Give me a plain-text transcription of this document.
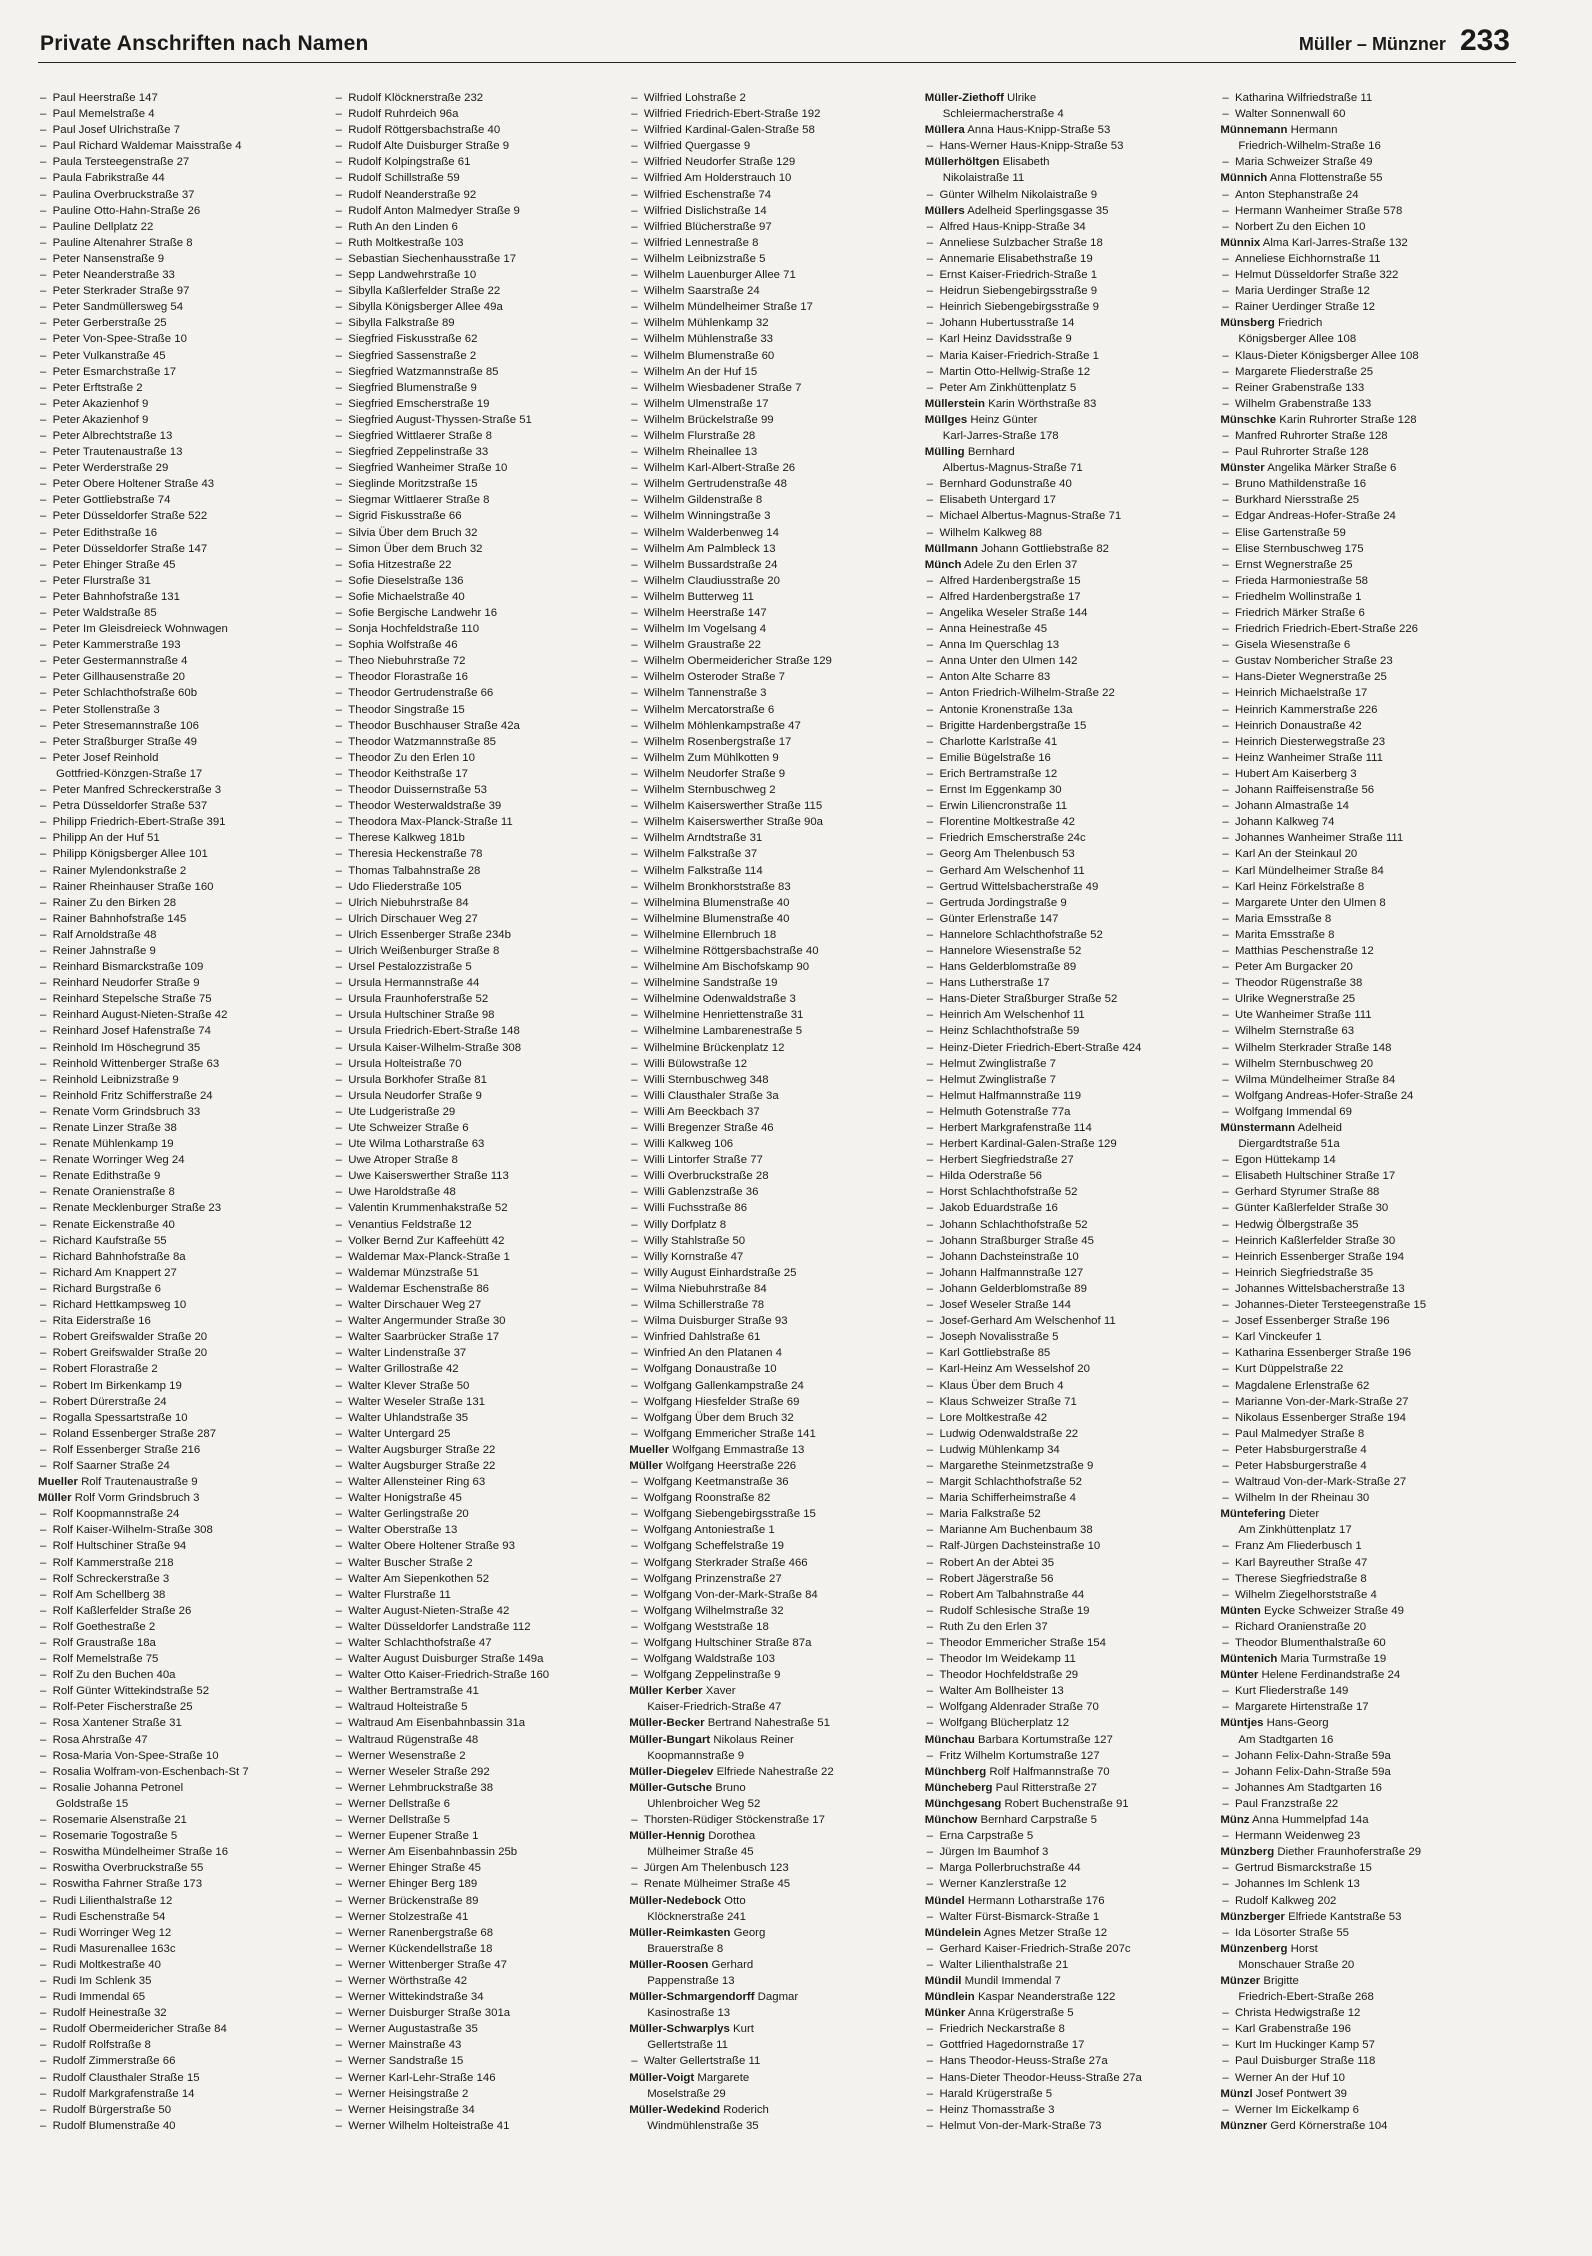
Private Anschriften nach Namen	Müller – Münzner 233
–  Paul Heerstraße 147
–  Paul Memelstraße 4
–  Paul Josef Ulrichstraße 7
–  Paul Richard Waldemar Maisstraße 4
–  Paula Tersteegenstraße 27
–  Paula Fabrikstraße 44
–  Paulina Overbruckstraße 37
–  Pauline Otto-Hahn-Straße 26
–  Pauline Dellplatz 22
–  Pauline Altenahrer Straße 8
–  Peter Nansenstraße 9
–  Peter Neanderstraße 33
–  Peter Sterkrader Straße 97
–  Peter Sandmüllersweg 54
–  Peter Gerberstraße 25
–  Peter Von-Spee-Straße 10
–  Peter Vulkanstraße 45
–  Peter Esmarchstraße 17
–  Peter Erftstraße 2
–  Peter Akazienhof 9
–  Peter Akazienhof 9
–  Peter Albrechtstraße 13
–  Peter Trautenaustraße 13
–  Peter Werderstraße 29
–  Peter Obere Holtener Straße 43
–  Peter Gottliebstraße 74
–  Peter Düsseldorfer Straße 522
–  Peter Edithstraße 16
–  Peter Düsseldorfer Straße 147
–  Peter Ehinger Straße 45
–  Peter Flurstraße 31
–  Peter Bahnhofstraße 131
–  Peter Waldstraße 85
–  Peter Im Gleisdreieck Wohnwagen
–  Peter Kammerstraße 193
–  Peter Gestermannstraße 4
–  Peter Gillhausenstraße 20
–  Peter Schlachthofstraße 60b
–  Peter Stollenstraße 3
–  Peter Stresemannstraße 106
–  Peter Straßburger Straße 49
–  Peter Josef Reinhold
Gottfried-Könzgen-Straße 17
–  Peter Manfred Schreckerstraße 3
–  Petra Düsseldorfer Straße 537
–  Philipp Friedrich-Ebert-Straße 391
–  Philipp An der Huf 51
–  Philipp Königsberger Allee 101
–  Rainer Mylendonkstraße 2
–  Rainer Rheinhauser Straße 160
–  Rainer Zu den Birken 28
–  Rainer Bahnhofstraße 145
–  Ralf Arnoldstraße 48
–  Reiner Jahnstraße 9
–  Reinhard Bismarckstraße 109
–  Reinhard Neudorfer Straße 9
–  Reinhard Stepelsche Straße 75
–  Reinhard August-Nieten-Straße 42
–  Reinhard Josef Hafenstraße 74
–  Reinhold Im Höschegrund 35
–  Reinhold Wittenberger Straße 63
–  Reinhold Leibnizstraße 9
–  Reinhold Fritz Schifferstraße 24
–  Renate Vorm Grindsbruch 33
–  Renate Linzer Straße 38
–  Renate Mühlenkamp 19
–  Renate Worringer Weg 24
–  Renate Edithstraße 9
–  Renate Oranienstraße 8
–  Renate Mecklenburger Straße 23
–  Renate Eickenstraße 40
–  Richard Kaufstraße 55
–  Richard Bahnhofstraße 8a
–  Richard Am Knappert 27
–  Richard Burgstraße 6
–  Richard Hettkampsweg 10
–  Rita Eiderstraße 16
–  Robert Greifswalder Straße 20
–  Robert Greifswalder Straße 20
–  Robert Florastraße 2
–  Robert Im Birkenkamp 19
–  Robert Dürerstraße 24
–  Rogalla Spessartstraße 10
–  Roland Essenberger Straße 287
–  Rolf Essenberger Straße 216
–  Rolf Saarner Straße 24
Mueller Rolf Trautenaustraße 9
Müller Rolf Vorm Grindsbruch 3
–  Rolf Koopmannstraße 24
–  Rolf Kaiser-Wilhelm-Straße 308
–  Rolf Hultschiner Straße 94
–  Rolf Kammerstraße 218
–  Rolf Schreckerstraße 3
–  Rolf Am Schellberg 38
–  Rolf Kaßlerfelder Straße 26
–  Rolf Goethestraße 2
–  Rolf Graustraße 18a
–  Rolf Memelstraße 75
–  Rolf Zu den Buchen 40a
–  Rolf Günter Wittekindstraße 52
–  Rolf-Peter Fischerstraße 25
–  Rosa Xantener Straße 31
–  Rosa Ahrstraße 47
–  Rosa-Maria Von-Spee-Straße 10
–  Rosalia Wolfram-von-Eschenbach-St 7
–  Rosalie Johanna Petronel
Goldstraße 15
–  Rosemarie Alsenstraße 21
–  Rosemarie Togostraße 5
–  Roswitha Mündelheimer Straße 16
–  Roswitha Overbruckstraße 55
–  Roswitha Fahrner Straße 173
–  Rudi Lilienthalstraße 12
–  Rudi Eschenstraße 54
–  Rudi Worringer Weg 12
–  Rudi Masurenallee 163c
–  Rudi Moltkestraße 40
–  Rudi Im Schlenk 35
–  Rudi Immendal 65
–  Rudolf Heinestraße 32
–  Rudolf Obermeidericher Straße 84
–  Rudolf Rolfstraße 8
–  Rudolf Zimmerstraße 66
–  Rudolf Clausthaler Straße 15
–  Rudolf Markgrafenstraße 14
–  Rudolf Bürgerstraße 50
–  Rudolf Blumenstraße 40
–  Rudolf Klöcknerstraße 232
–  Rudolf Ruhrdeich 96a
–  Rudolf Röttgersbachstraße 40
–  Rudolf Alte Duisburger Straße 9
–  Rudolf Kolpingstraße 61
–  Rudolf Schillstraße 59
–  Rudolf Neanderstraße 92
–  Rudolf Anton Malmedyer Straße 9
–  Ruth An den Linden 6
–  Ruth Moltkestraße 103
–  Sebastian Siechenhausstraße 17
–  Sepp Landwehrstraße 10
–  Sibylla Kaßlerfelder Straße 22
–  Sibylla Königsberger Allee 49a
–  Sibylla Falkstraße 89
–  Siegfried Fiskusstraße 62
–  Siegfried Sassenstraße 2
–  Siegfried Watzmannstraße 85
–  Siegfried Blumenstraße 9
–  Siegfried Emscherstraße 19
–  Siegfried August-Thyssen-Straße 51
–  Siegfried Wittlaerer Straße 8
–  Siegfried Zeppelinstraße 33
–  Siegfried Wanheimer Straße 10
–  Sieglinde Moritzstraße 15
–  Siegmar Wittlaerer Straße 8
–  Sigrid Fiskusstraße 66
–  Silvia Über dem Bruch 32
–  Simon Über dem Bruch 32
–  Sofia Hitzestraße 22
–  Sofie Dieselstraße 136
–  Sofie Michaelstraße 40
–  Sofie Bergische Landwehr 16
–  Sonja Hochfeldstraße 110
–  Sophia Wolfstraße 46
–  Theo Niebuhrstraße 72
–  Theodor Florastraße 16
–  Theodor Gertrudenstraße 66
–  Theodor Singstraße 15
–  Theodor Buschhauser Straße 42a
–  Theodor Watzmannstraße 85
–  Theodor Zu den Erlen 10
–  Theodor Keithstraße 17
–  Theodor Duissernstraße 53
–  Theodor Westerwaldstraße 39
–  Theodora Max-Planck-Straße 11
–  Therese Kalkweg 181b
–  Theresia Heckenstraße 78
–  Thomas Talbahnstraße 28
–  Udo Fliederstraße 105
–  Ulrich Niebuhrstraße 84
–  Ulrich Dirschauer Weg 27
–  Ulrich Essenberger Straße 234b
–  Ulrich Weißenburger Straße 8
–  Ursel Pestalozzistraße 5
–  Ursula Hermannstraße 44
–  Ursula Fraunhoferstraße 52
–  Ursula Hultschiner Straße 98
–  Ursula Friedrich-Ebert-Straße 148
–  Ursula Kaiser-Wilhelm-Straße 308
–  Ursula Holteistraße 70
–  Ursula Borkhofer Straße 81
–  Ursula Neudorfer Straße 9
–  Ute Ludgeristraße 29
–  Ute Schweizer Straße 6
–  Ute Wilma Lotharstraße 63
–  Uwe Atroper Straße 8
–  Uwe Kaiserswerther Straße 113
–  Uwe Haroldstraße 48
–  Valentin Krummenhakstraße 52
–  Venantius Feldstraße 12
–  Volker Bernd Zur Kaffeehütt 42
–  Waldemar Max-Planck-Straße 1
–  Waldemar Münzstraße 51
–  Waldemar Eschenstraße 86
–  Walter Dirschauer Weg 27
–  Walter Angermunder Straße 30
–  Walter Saarbrücker Straße 17
–  Walter Lindenstraße 37
–  Walter Grillostraße 42
–  Walter Klever Straße 50
–  Walter Weseler Straße 131
–  Walter Uhlandstraße 35
–  Walter Untergard 25
–  Walter Augsburger Straße 22
–  Walter Augsburger Straße 22
–  Walter Allensteiner Ring 63
–  Walter Honigstraße 45
–  Walter Gerlingstraße 20
–  Walter Oberstraße 13
–  Walter Obere Holtener Straße 93
–  Walter Buscher Straße 2
–  Walter Am Siepenkothen 52
–  Walter Flurstraße 11
–  Walter August-Nieten-Straße 42
–  Walter Düsseldorfer Landstraße 112
–  Walter Schlachthofstraße 47
–  Walter August Duisburger Straße 149a
–  Walter Otto Kaiser-Friedrich-Straße 160
–  Walther Bertramstraße 41
–  Waltraud Holteistraße 5
–  Waltraud Am Eisenbahnbassin 31a
–  Waltraud Rügenstraße 48
–  Werner Wesenstraße 2
–  Werner Weseler Straße 292
–  Werner Lehmbruckstraße 38
–  Werner Dellstraße 6
–  Werner Dellstraße 5
–  Werner Eupener Straße 1
–  Werner Am Eisenbahnbassin 25b
–  Werner Ehinger Straße 45
–  Werner Ehinger Berg 189
–  Werner Brückenstraße 89
–  Werner Stolzestraße 41
–  Werner Ranenbergstraße 68
–  Werner Kückendellstraße 18
–  Werner Wittenberger Straße 47
–  Werner Wörthstraße 42
–  Werner Wittekindstraße 34
–  Werner Duisburger Straße 301a
–  Werner Augustastraße 35
–  Werner Mainstraße 43
–  Werner Sandstraße 15
–  Werner Karl-Lehr-Straße 146
–  Werner Heisingstraße 2
–  Werner Heisingstraße 34
–  Werner Wilhelm Holteistraße 41
–  Wilfried Lohstraße 2
–  Wilfried Friedrich-Ebert-Straße 192
–  Wilfried Kardinal-Galen-Straße 58
–  Wilfried Quergasse 9
–  Wilfried Neudorfer Straße 129
–  Wilfried Am Holderstrauch 10
–  Wilfried Eschenstraße 74
–  Wilfried Dislichstraße 14
–  Wilfried Blücherstraße 97
–  Wilfried Lennestraße 8
–  Wilhelm Leibnizstraße 5
–  Wilhelm Lauenburger Allee 71
–  Wilhelm Saarstraße 24
–  Wilhelm Mündelheimer Straße 17
–  Wilhelm Mühlenkamp 32
–  Wilhelm Mühlenstraße 33
–  Wilhelm Blumenstraße 60
–  Wilhelm An der Huf 15
–  Wilhelm Wiesbadener Straße 7
–  Wilhelm Ulmenstraße 17
–  Wilhelm Brückelstraße 99
–  Wilhelm Flurstraße 28
–  Wilhelm Rheinallee 13
–  Wilhelm Karl-Albert-Straße 26
–  Wilhelm Gertrudenstraße 48
–  Wilhelm Gildenstraße 8
–  Wilhelm Winningstraße 3
–  Wilhelm Walderbenweg 14
–  Wilhelm Am Palmbleck 13
–  Wilhelm Bussardstraße 24
–  Wilhelm Claudiusstraße 20
–  Wilhelm Butterweg 11
–  Wilhelm Heerstraße 147
–  Wilhelm Im Vogelsang 4
–  Wilhelm Graustraße 22
–  Wilhelm Obermeidericher Straße 129
–  Wilhelm Osteroder Straße 7
–  Wilhelm Tannenstraße 3
–  Wilhelm Mercatorstraße 6
–  Wilhelm Möhlenkampstraße 47
–  Wilhelm Rosenbergstraße 17
–  Wilhelm Zum Mühlkotten 9
–  Wilhelm Neudorfer Straße 9
–  Wilhelm Sternbuschweg 2
–  Wilhelm Kaiserswerther Straße 115
–  Wilhelm Kaiserswerther Straße 90a
–  Wilhelm Arndtstraße 31
–  Wilhelm Falkstraße 37
–  Wilhelm Falkstraße 114
–  Wilhelm Bronkhorststraße 83
–  Wilhelmina Blumenstraße 40
–  Wilhelmine Blumenstraße 40
–  Wilhelmine Ellernbruch 18
–  Wilhelmine Röttgersbachstraße 40
–  Wilhelmine Am Bischofskamp 90
–  Wilhelmine Sandstraße 19
–  Wilhelmine Odenwaldstraße 3
–  Wilhelmine Henriettenstraße 31
–  Wilhelmine Lambarenestraße 5
–  Wilhelmine Brückenplatz 12
–  Willi Bülowstraße 12
–  Willi Sternbuschweg 348
–  Willi Clausthaler Straße 3a
–  Willi Am Beeckbach 37
–  Willi Bregenzer Straße 46
–  Willi Kalkweg 106
–  Willi Lintorfer Straße 77
–  Willi Overbruckstraße 28
–  Willi Gablenzstraße 36
–  Willi Fuchsstraße 86
–  Willy Dorfplatz 8
–  Willy Stahlstraße 50
–  Willy Kornstraße 47
–  Willy August Einhardstraße 25
–  Wilma Niebuhrstraße 84
–  Wilma Schillerstraße 78
–  Wilma Duisburger Straße 93
–  Winfried Dahlstraße 61
–  Winfried An den Platanen 4
–  Wolfgang Donaustraße 10
–  Wolfgang Gallenkampstraße 24
–  Wolfgang Hiesfelder Straße 69
–  Wolfgang Über dem Bruch 32
–  Wolfgang Emmericher Straße 141
Mueller Wolfgang Emmastraße 13
Müller Wolfgang Heerstraße 226
–  Wolfgang Keetmanstraße 36
–  Wolfgang Roonstraße 82
–  Wolfgang Siebengebirgsstraße 15
–  Wolfgang Antoniestraße 1
–  Wolfgang Scheffelstraße 19
–  Wolfgang Sterkrader Straße 466
–  Wolfgang Prinzenstraße 27
–  Wolfgang Von-der-Mark-Straße 84
–  Wolfgang Wilhelmstraße 32
–  Wolfgang Weststraße 18
–  Wolfgang Hultschiner Straße 87a
–  Wolfgang Waldstraße 103
–  Wolfgang Zeppelinstraße 9
Müller Kerber Xaver
Kaiser-Friedrich-Straße 47
Müller-Becker Bertrand Nahestraße 51
Müller-Bungart Nikolaus Reiner
Koopmannstraße 9
Müller-Diegelev Elfriede Nahestraße 22
Müller-Gutsche Bruno
Uhlenbroicher Weg 52
–  Thorsten-Rüdiger Stöckenstraße 17
Müller-Hennig Dorothea
Mülheimer Straße 45
–  Jürgen Am Thelenbusch 123
–  Renate Mülheimer Straße 45
Müller-Nedebock Otto
Klöcknerstraße 241
Müller-Reimkasten Georg
Brauerstraße 8
Müller-Roosen Gerhard
Pappenstraße 13
Müller-Schmargendorff Dagmar
Kasinostraße 13
Müller-Schwarplys Kurt
Gellertstraße 11
–  Walter Gellertstraße 11
Müller-Voigt Margarete
Moselstraße 29
Müller-Wedekind Roderich
Windmühlenstraße 35
Müller-Ziethoff Ulrike
Schleiermacherstraße 4
Müllera Anna Haus-Knipp-Straße 53
–  Hans-Werner Haus-Knipp-Straße 53
Müllerhöltgen Elisabeth
Nikolaistraße 11
–  Günter Wilhelm Nikolaistraße 9
Müllers Adelheid Sperlingsgasse 35
–  Alfred Haus-Knipp-Straße 34
–  Anneliese Sulzbacher Straße 18
–  Annemarie Elisabethstraße 19
–  Ernst Kaiser-Friedrich-Straße 1
–  Heidrun Siebengebirgsstraße 9
–  Heinrich Siebengebirgsstraße 9
–  Johann Hubertusstraße 14
–  Karl Heinz Davidsstraße 9
–  Maria Kaiser-Friedrich-Straße 1
–  Martin Otto-Hellwig-Straße 12
–  Peter Am Zinkhüttenplatz 5
Müllerstein Karin Wörthstraße 83
Müllges Heinz Günter
Karl-Jarres-Straße 178
Mülling Bernhard
Albertus-Magnus-Straße 71
–  Bernhard Godunstraße 40
–  Elisabeth Untergard 17
–  Michael Albertus-Magnus-Straße 71
–  Wilhelm Kalkweg 88
Müllmann Johann Gottliebstraße 82
Münch Adele Zu den Erlen 37
–  Alfred Hardenbergstraße 15
–  Alfred Hardenbergstraße 17
–  Angelika Weseler Straße 144
–  Anna Heinestraße 45
–  Anna Im Querschlag 13
–  Anna Unter den Ulmen 142
–  Anton Alte Scharre 83
–  Anton Friedrich-Wilhelm-Straße 22
–  Antonie Kronenstraße 13a
–  Brigitte Hardenbergstraße 15
–  Charlotte Karlstraße 41
–  Emilie Bügelstraße 16
–  Erich Bertramstraße 12
–  Ernst Im Eggenkamp 30
–  Erwin Liliencronstraße 11
–  Florentine Moltkestraße 42
–  Friedrich Emscherstraße 24c
–  Georg Am Thelenbusch 53
–  Gerhard Am Welschenhof 11
–  Gertrud Wittelsbacherstraße 49
–  Gertruda Jordingstraße 9
–  Günter Erlenstraße 147
–  Hannelore Schlachthofstraße 52
–  Hannelore Wiesenstraße 52
–  Hans Gelderblomstraße 89
–  Hans Lutherstraße 17
–  Hans-Dieter Straßburger Straße 52
–  Heinrich Am Welschenhof 11
–  Heinz Schlachthofstraße 59
–  Heinz-Dieter Friedrich-Ebert-Straße 424
–  Helmut Zwinglistraße 7
–  Helmut Zwinglistraße 7
–  Helmut Halfmannstraße 119
–  Helmuth Gotenstraße 77a
–  Herbert Markgrafenstraße 114
–  Herbert Kardinal-Galen-Straße 129
–  Herbert Siegfriedstraße 27
–  Hilda Oderstraße 56
–  Horst Schlachthofstraße 52
–  Jakob Eduardstraße 16
–  Johann Schlachthofstraße 52
–  Johann Straßburger Straße 45
–  Johann Dachsteinstraße 10
–  Johann Halfmannstraße 127
–  Johann Gelderblomstraße 89
–  Josef Weseler Straße 144
–  Josef-Gerhard Am Welschenhof 11
–  Joseph Novalisstraße 5
–  Karl Gottliebstraße 85
–  Karl-Heinz Am Wesselshof 20
–  Klaus Über dem Bruch 4
–  Klaus Schweizer Straße 71
–  Lore Moltkestraße 42
–  Ludwig Odenwaldstraße 22
–  Ludwig Mühlenkamp 34
–  Margarethe Steinmetzstraße 9
–  Margit Schlachthofstraße 52
–  Maria Schifferheimstraße 4
–  Maria Falkstraße 52
–  Marianne Am Buchenbaum 38
–  Ralf-Jürgen Dachsteinstraße 10
–  Robert An der Abtei 35
–  Robert Jägerstraße 56
–  Robert Am Talbahnstraße 44
–  Rudolf Schlesische Straße 19
–  Ruth Zu den Erlen 37
–  Theodor Emmericher Straße 154
–  Theodor Im Weidekamp 11
–  Theodor Hochfeldstraße 29
–  Walter Am Bollheister 13
–  Wolfgang Aldenrader Straße 70
–  Wolfgang Blücherplatz 12
Münchau Barbara Kortumstraße 127
–  Fritz Wilhelm Kortumstraße 127
Münchberg Rolf Halfmannstraße 70
Müncheberg Paul Ritterstraße 27
Münchgesang Robert Buchenstraße 91
Münchow Bernhard Carpstraße 5
–  Erna Carpstraße 5
–  Jürgen Im Baumhof 3
–  Marga Pollerbruchstraße 44
–  Werner Kanzlerstraße 12
Mündel Hermann Lotharstraße 176
–  Walter Fürst-Bismarck-Straße 1
Mündelein Agnes Metzer Straße 12
–  Gerhard Kaiser-Friedrich-Straße 207c
–  Walter Lilienthalstraße 21
Mündil Mundil Immendal 7
Mündlein Kaspar Neanderstraße 122
Münker Anna Krügerstraße 5
–  Friedrich Neckarstraße 8
–  Gottfried Hagedornstraße 17
–  Hans Theodor-Heuss-Straße 27a
–  Hans-Dieter Theodor-Heuss-Straße 27a
–  Harald Krügerstraße 5
–  Heinz Thomasstraße 3
–  Helmut Von-der-Mark-Straße 73
–  Katharina Wilfriedstraße 11
–  Walter Sonnenwall 60
Münnemann Hermann
Friedrich-Wilhelm-Straße 16
–  Maria Schweizer Straße 49
Münnich Anna Flottenstraße 55
–  Anton Stephanstraße 24
–  Hermann Wanheimer Straße 578
–  Norbert Zu den Eichen 10
Münnix Alma Karl-Jarres-Straße 132
–  Anneliese Eichhornstraße 11
–  Helmut Düsseldorfer Straße 322
–  Maria Uerdinger Straße 12
–  Rainer Uerdinger Straße 12
Münsberg Friedrich
Königsberger Allee 108
–  Klaus-Dieter Königsberger Allee 108
–  Margarete Fliederstraße 25
–  Reiner Grabenstraße 133
–  Wilhelm Grabenstraße 133
Münschke Karin Ruhrorter Straße 128
–  Manfred Ruhrorter Straße 128
–  Paul Ruhrorter Straße 128
Münster Angelika Märker Straße 6
–  Bruno Mathildenstraße 16
–  Burkhard Niersstraße 25
–  Edgar Andreas-Hofer-Straße 24
–  Elise Gartenstraße 59
–  Elise Sternbuschweg 175
–  Ernst Wegnerstraße 25
–  Frieda Harmoniestraße 58
–  Friedhelm Wollinstraße 1
–  Friedrich Märker Straße 6
–  Friedrich Friedrich-Ebert-Straße 226
–  Gisela Wiesenstraße 6
–  Gustav Nombericher Straße 23
–  Hans-Dieter Wegnerstraße 25
–  Heinrich Michaelstraße 17
–  Heinrich Kammerstraße 226
–  Heinrich Donaustraße 42
–  Heinrich Diesterwegstraße 23
–  Heinz Wanheimer Straße 111
–  Hubert Am Kaiserberg 3
–  Johann Raiffeisenstraße 56
–  Johann Almastraße 14
–  Johann Kalkweg 74
–  Johannes Wanheimer Straße 111
–  Karl An der Steinkaul 20
–  Karl Mündelheimer Straße 84
–  Karl Heinz Förkelstraße 8
–  Margarete Unter den Ulmen 8
–  Maria Emsstraße 8
–  Marita Emsstraße 8
–  Matthias Peschenstraße 12
–  Peter Am Burgacker 20
–  Theodor Rügenstraße 38
–  Ulrike Wegnerstraße 25
–  Ute Wanheimer Straße 111
–  Wilhelm Sternstraße 63
–  Wilhelm Sterkrader Straße 148
–  Wilhelm Sternbuschweg 20
–  Wilma Mündelheimer Straße 84
–  Wolfgang Andreas-Hofer-Straße 24
–  Wolfgang Immendal 69
Münstermann Adelheid
Diergardtstraße 51a
–  Egon Hüttekamp 14
–  Elisabeth Hultschiner Straße 17
–  Gerhard Styrumer Straße 88
–  Günter Kaßlerfelder Straße 30
–  Hedwig Ölbergstraße 35
–  Heinrich Kaßlerfelder Straße 30
–  Heinrich Essenberger Straße 194
–  Heinrich Siegfriedstraße 35
–  Johannes Wittelsbacherstraße 13
–  Johannes-Dieter Tersteegenstraße 15
–  Josef Essenberger Straße 196
–  Karl Vinckeufer 1
–  Katharina Essenberger Straße 196
–  Kurt Düppelstraße 22
–  Magdalene Erlenstraße 62
–  Marianne Von-der-Mark-Straße 27
–  Nikolaus Essenberger Straße 194
–  Paul Malmedyer Straße 8
–  Peter Habsburgerstraße 4
–  Peter Habsburgerstraße 4
–  Waltraud Von-der-Mark-Straße 27
–  Wilhelm In der Rheinau 30
Müntefering Dieter
Am Zinkhüttenplatz 17
–  Franz Am Fliederbusch 1
–  Karl Bayreuther Straße 47
–  Therese Siegfriedstraße 8
–  Wilhelm Ziegelhorststraße 4
Münten Eycke Schweizer Straße 49
–  Richard Oranienstraße 20
–  Theodor Blumenthalstraße 60
Müntenich Maria Turmstraße 19
Münter Helene Ferdinandstraße 24
–  Kurt Fliederstraße 149
–  Margarete Hirtenstraße 17
Müntjes Hans-Georg
Am Stadtgarten 16
–  Johann Felix-Dahn-Straße 59a
–  Johann Felix-Dahn-Straße 59a
–  Johannes Am Stadtgarten 16
–  Paul Franzstraße 22
Münz Anna Hummelpfad 14a
–  Hermann Weidenweg 23
Münzberg Diether Fraunhoferstraße 29
–  Gertrud Bismarckstraße 15
–  Johannes Im Schlenk 13
–  Rudolf Kalkweg 202
Münzberger Elfriede Kantstraße 53
–  Ida Lösorter Straße 55
Münzenberg Horst
Monschauer Straße 20
Münzer Brigitte
Friedrich-Ebert-Straße 268
–  Christa Hedwigstraße 12
–  Karl Grabenstraße 196
–  Kurt Im Huckinger Kamp 57
–  Paul Duisburger Straße 118
–  Werner An der Huf 10
Münzl Josef Pontwert 39
–  Werner Im Eickelkamp 6
Münzner Gerd Körnerstraße 104
